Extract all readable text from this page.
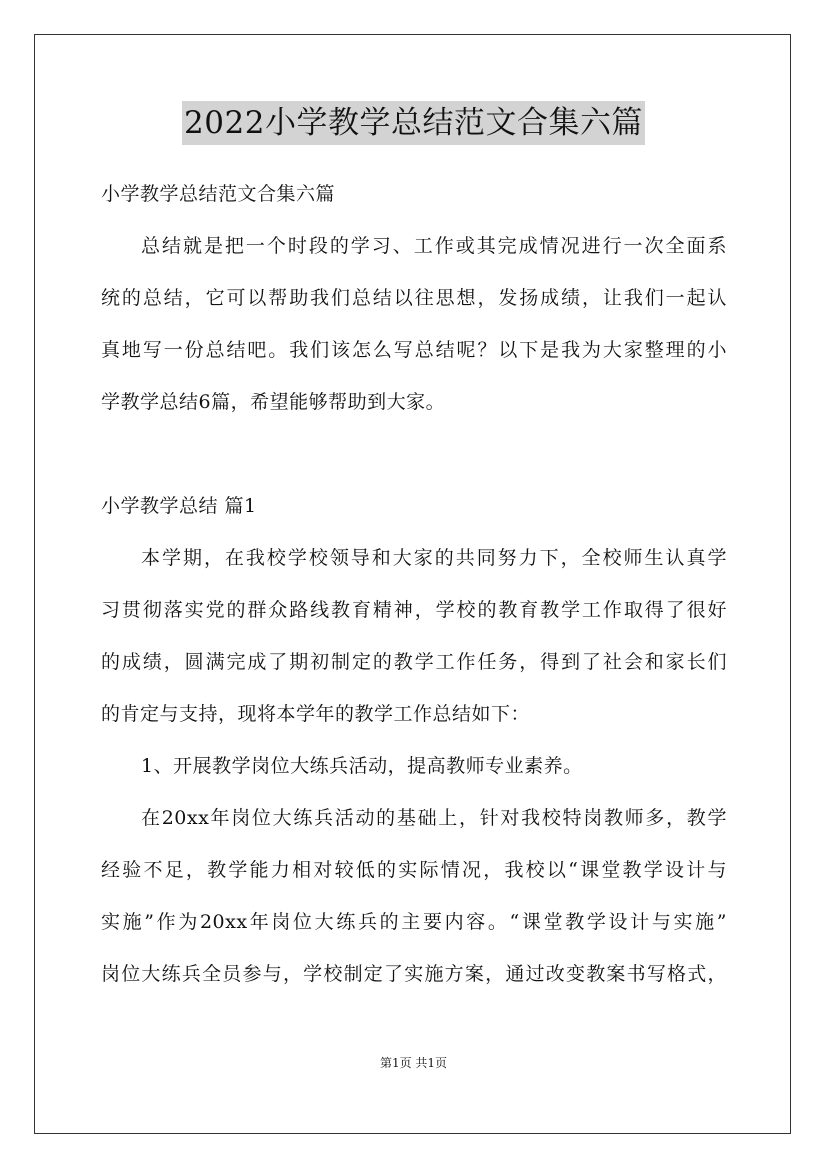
2022小学教学总结范文合集六篇
小学教学总结范文合集六篇
总结就是把一个时段的学习、工作或其完成情况进行一次全面系
统的总结，它可以帮助我们总结以往思想，发扬成绩，让我们一起认
真地写一份总结吧。我们该怎么写总结呢？以下是我为大家整理的小
学教学总结6篇，希望能够帮助到大家。
小学教学总结 篇1
本学期，在我校学校领导和大家的共同努力下，全校师生认真学
习贯彻落实党的群众路线教育精神，学校的教育教学工作取得了很好
的成绩，圆满完成了期初制定的教学工作任务，得到了社会和家长们
的肯定与支持，现将本学年的教学工作总结如下：
1、开展教学岗位大练兵活动，提高教师专业素养。
在20xx年岗位大练兵活动的基础上，针对我校特岗教师多，教学
经验不足，教学能力相对较低的实际情况，我校以“课堂教学设计与
实施”作为20xx年岗位大练兵的主要内容。“课堂教学设计与实施”
岗位大练兵全员参与，学校制定了实施方案，通过改变教案书写格式，
第1页 共1页
